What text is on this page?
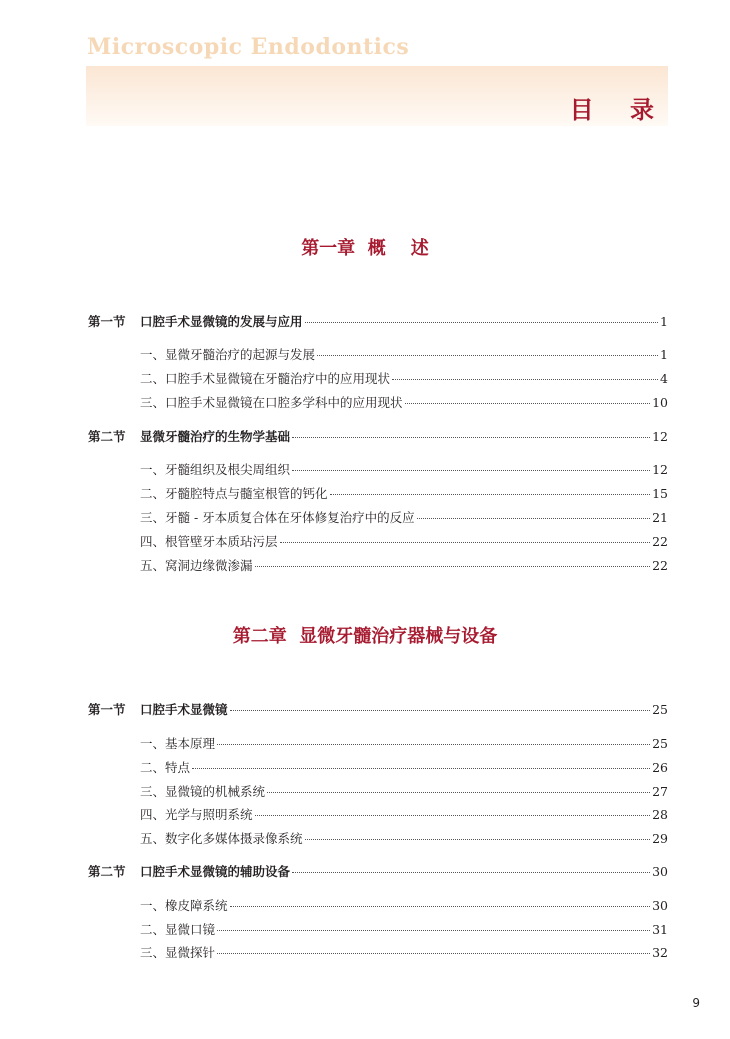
Microscopic Endodontics
目 录
第一章  概    述
第一节	口腔手术显微镜的发展与应用	1
一、显微牙髓治疗的起源与发展	1
二、口腔手术显微镜在牙髓治疗中的应用现状	4
三、口腔手术显微镜在口腔多学科中的应用现状	10
第二节	显微牙髓治疗的生物学基础	12
一、牙髓组织及根尖周组织	12
二、牙髓腔特点与髓室根管的钙化	15
三、牙髓 - 牙本质复合体在牙体修复治疗中的反应	21
四、根管壁牙本质玷污层	22
五、窝洞边缘微渗漏	22
第二章  显微牙髓治疗器械与设备
第一节	口腔手术显微镜	25
一、基本原理	25
二、特点	26
三、显微镜的机械系统	27
四、光学与照明系统	28
五、数字化多媒体摄录像系统	29
第二节	口腔手术显微镜的辅助设备	30
一、橡皮障系统	30
二、显微口镜	31
三、显微探针	32
9
